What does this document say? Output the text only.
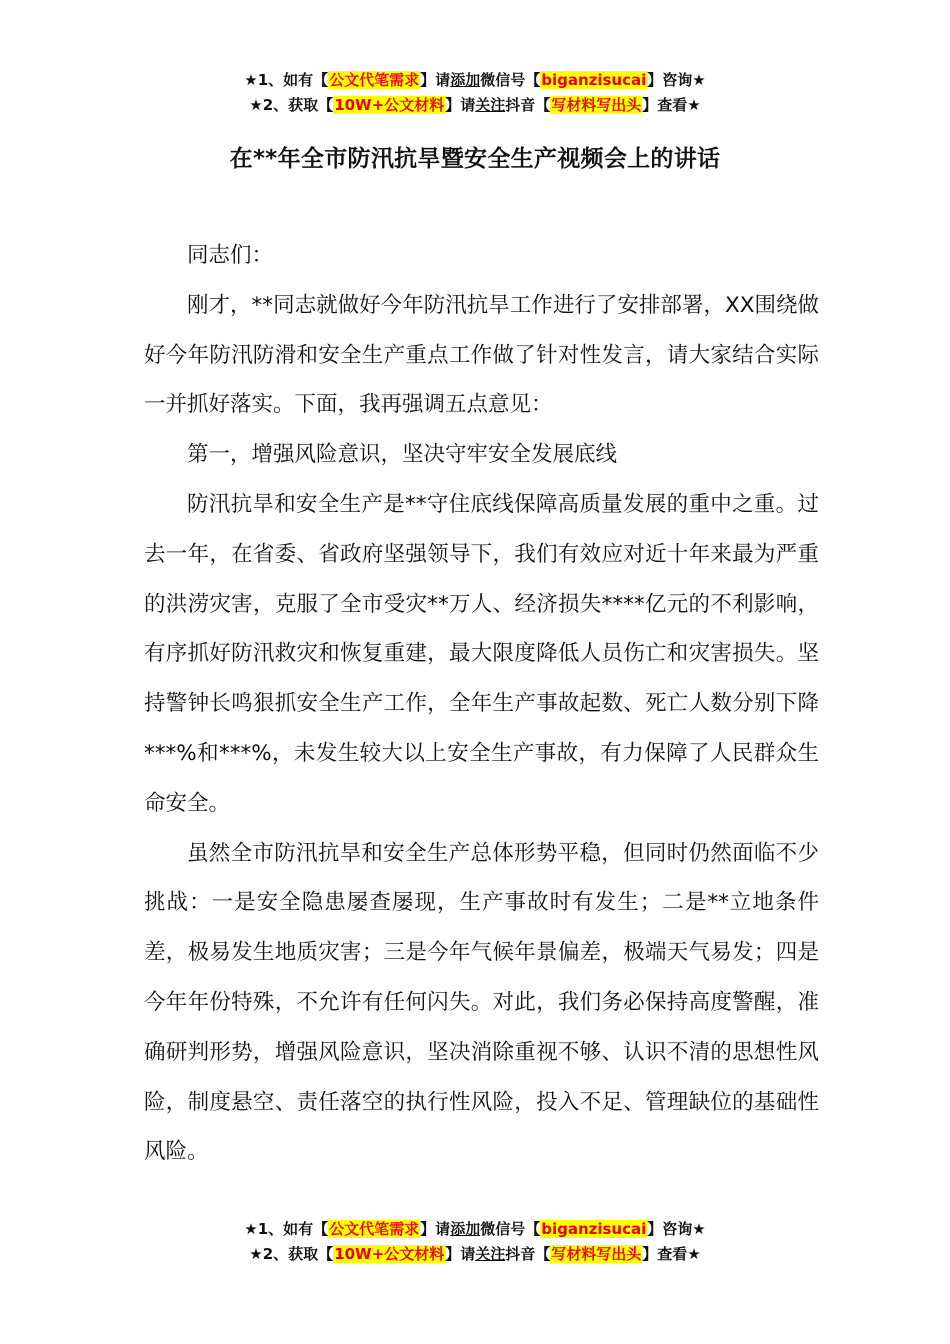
★1、如有【公文代笔需求】请添加微信号【biganzisucai】咨询★
★2、获取【10W+公文材料】请关注抖音【写材料写出头】查看★
在**年全市防汛抗旱暨安全生产视频会上的讲话

同志们：

刚才，**同志就做好今年防汛抗旱工作进行了安排部署，XX围绕做好今年防汛防滑和安全生产重点工作做了针对性发言，请大家结合实际一并抓好落实。下面，我再强调五点意见：

第一，增强风险意识，坚决守牢安全发展底线

防汛抗旱和安全生产是**守住底线保障高质量发展的重中之重。过去一年，在省委、省政府坚强领导下，我们有效应对近十年来最为严重的洪涝灾害，克服了全市受灾**万人、经济损失****亿元的不利影响，有序抓好防汛救灾和恢复重建，最大限度降低人员伤亡和灾害损失。坚持警钟长鸣狠抓安全生产工作，全年生产事故起数、死亡人数分别下降***%和***%，未发生较大以上安全生产事故，有力保障了人民群众生命安全。

虽然全市防汛抗旱和安全生产总体形势平稳，但同时仍然面临不少挑战：一是安全隐患屡查屡现，生产事故时有发生；二是**立地条件差，极易发生地质灾害；三是今年气候年景偏差，极端天气易发；四是今年年份特殊，不允许有任何闪失。对此，我们务必保持高度警醒，准确研判形势，增强风险意识，坚决消除重视不够、认识不清的思想性风险，制度悬空、责任落空的执行性风险，投入不足、管理缺位的基础性风险。

★1、如有【公文代笔需求】请添加微信号【biganzisucai】咨询★
★2、获取【10W+公文材料】请关注抖音【写材料写出头】查看★
